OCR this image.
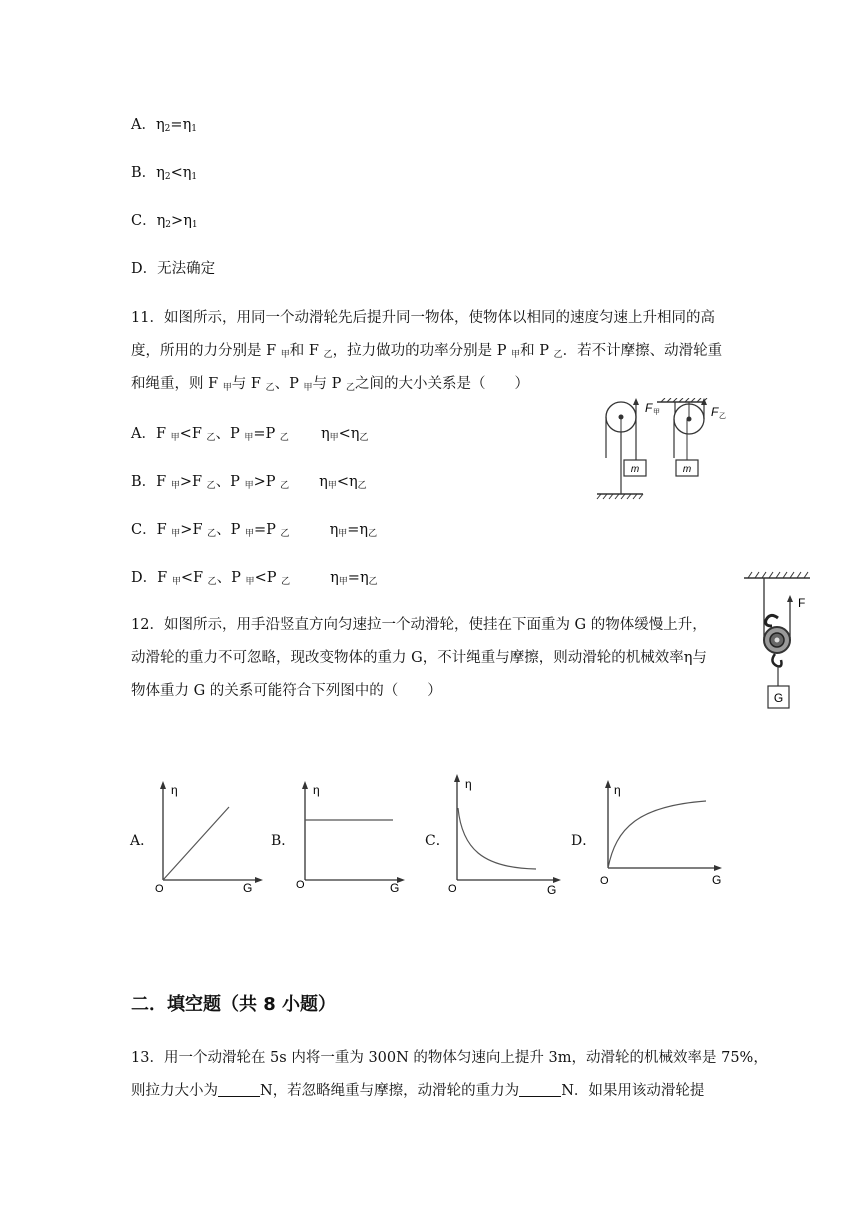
A．$\eta_2=\eta_1$
B．$\eta_2<\eta_1$
C．$\eta_2>\eta_1$
D．无法确定
11．如图所示，用同一个动滑轮先后提升同一物体，使物体以相同的速度匀速上升相同的高
度，所用的力分别是 F $_甲$和 F $_乙$，拉力做功的功率分别是 P $_甲$和 P $_乙$．若不计摩擦、动滑轮重
和绳重，则 F $_甲$与 F $_乙$、P $_甲$与 P $_乙$之间的大小关系是（　　）
A．F $_甲$<F $_乙$、P $_甲$=P $_乙$ $\eta_甲<\eta_乙$
B．F $_甲$>F $_乙$、P $_甲$>P $_乙$ $\eta_甲<\eta_乙$
C．F $_甲$>F $_乙$、P $_甲$=P $_乙$	$\eta_甲=\eta_乙$
D．F $_甲$<F $_乙$、P $_甲$<P $_乙$	$\eta_甲=\eta_乙$
m
F 甲
m
F 乙
12．如图所示，用手沿竖直方向匀速拉一个动滑轮，使挂在下面重为 G 的物体缓慢上升，
动滑轮的重力不可忽略，现改变物体的重力 G，不计绳重与摩擦，则动滑轮的机械效率η与
物体重力 G 的关系可能符合下列图中的（　　）
F
G
A．
η
O	G
B．
η
O	G
C．
η
O	G
D．
η
O	G
二．填空题（共 8 小题）
13．用一个动滑轮在 5s 内将一重为 300N 的物体匀速向上提升 3m，动滑轮的机械效率是 75%，
则拉力大小为	N，若忽略绳重与摩擦，动滑轮的重力为	N．如果用该动滑轮提
